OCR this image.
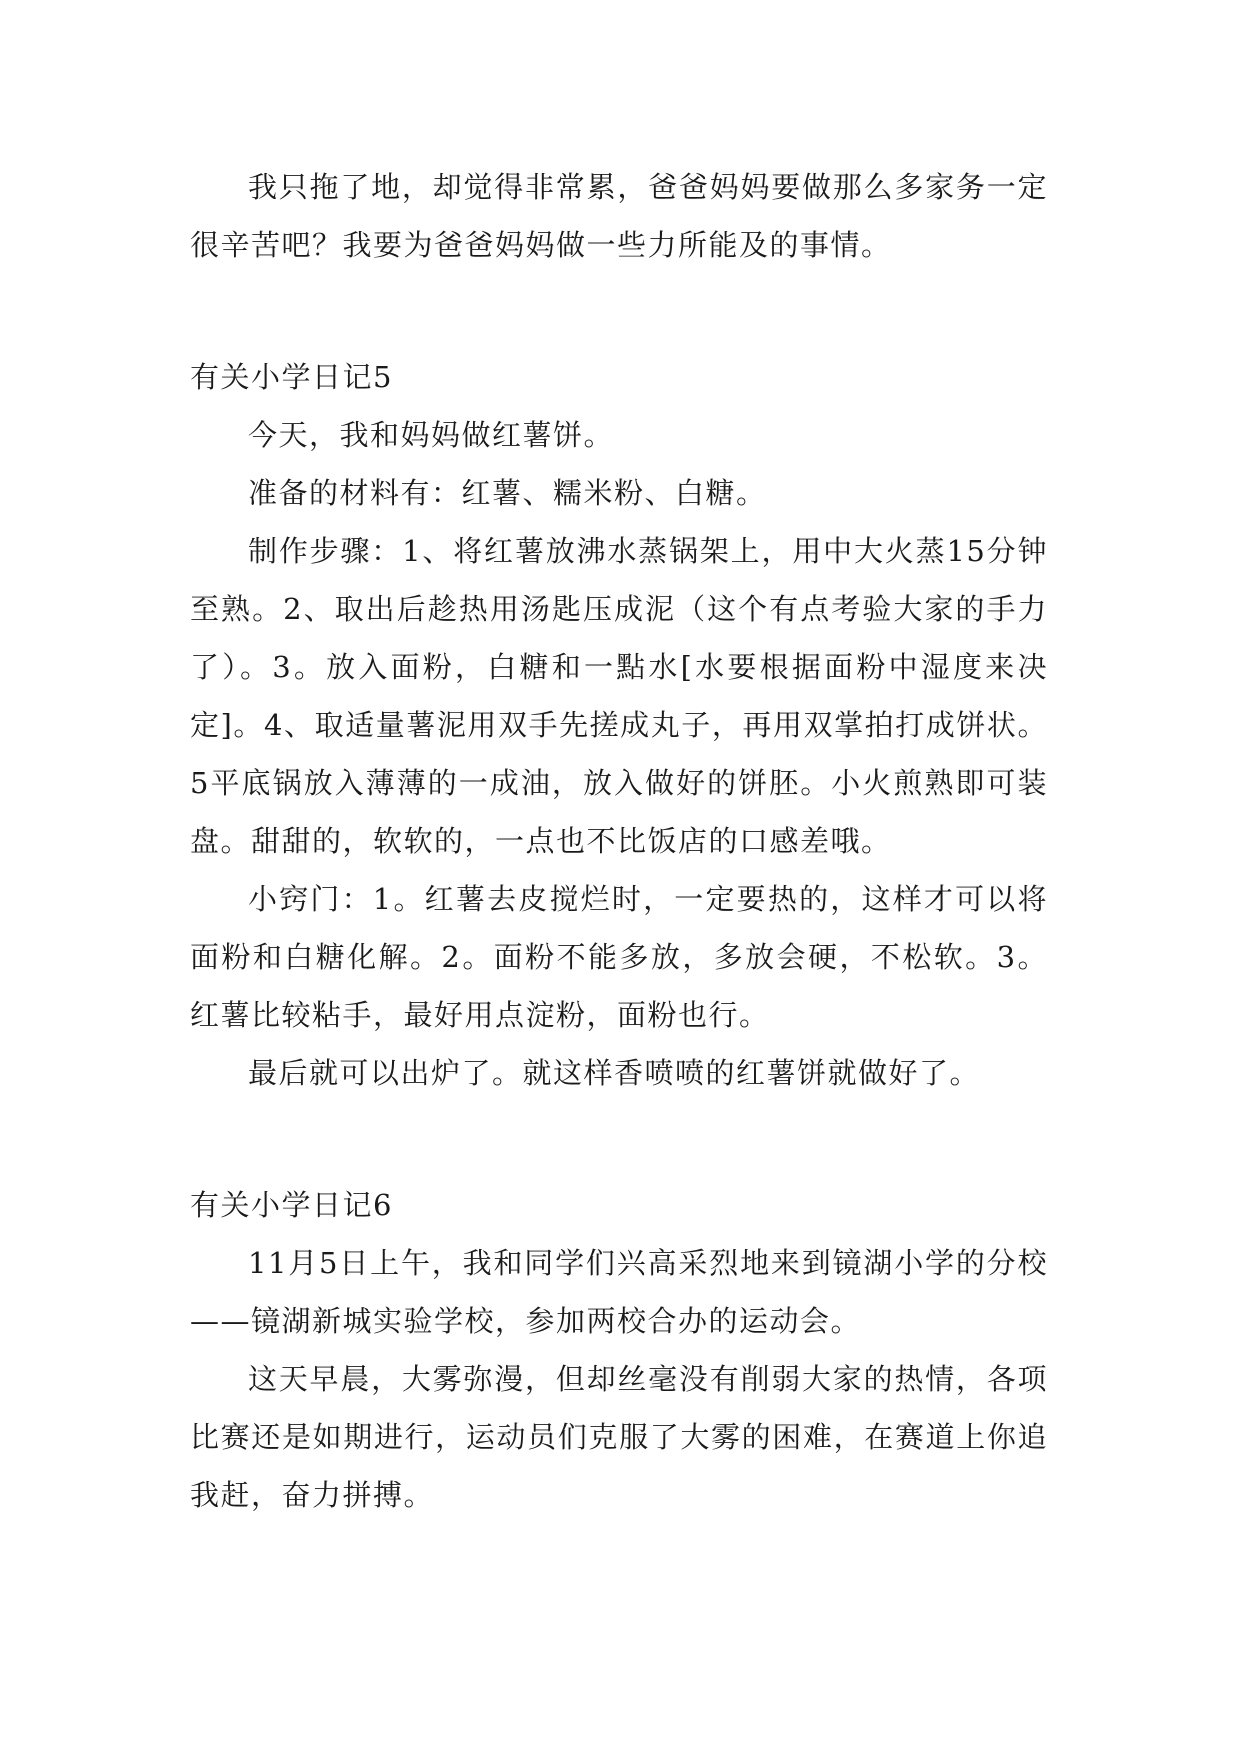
我只拖了地，却觉得非常累，爸爸妈妈要做那么多家务一定很辛苦吧？我要为爸爸妈妈做一些力所能及的事情。

有关小学日记5

今天，我和妈妈做红薯饼。

准备的材料有：红薯、糯米粉、白糖。

制作步骤：1、将红薯放沸水蒸锅架上，用中大火蒸15分钟至熟。2、取出后趁热用汤匙压成泥（这个有点考验大家的手力了）。3。放入面粉，白糖和一點水[水要根据面粉中湿度来决定]。4、取适量薯泥用双手先搓成丸子，再用双掌拍打成饼状。5平底锅放入薄薄的一成油，放入做好的饼胚。小火煎熟即可装盘。甜甜的，软软的，一点也不比饭店的口感差哦。

小窍门：1。红薯去皮搅烂时，一定要热的，这样才可以将面粉和白糖化解。2。面粉不能多放，多放会硬，不松软。3。红薯比较粘手，最好用点淀粉，面粉也行。

最后就可以出炉了。就这样香喷喷的红薯饼就做好了。

有关小学日记6

11月5日上午，我和同学们兴高采烈地来到镜湖小学的分校——镜湖新城实验学校，参加两校合办的运动会。

这天早晨，大雾弥漫，但却丝毫没有削弱大家的热情，各项比赛还是如期进行，运动员们克服了大雾的困难，在赛道上你追我赶，奋力拼搏。
